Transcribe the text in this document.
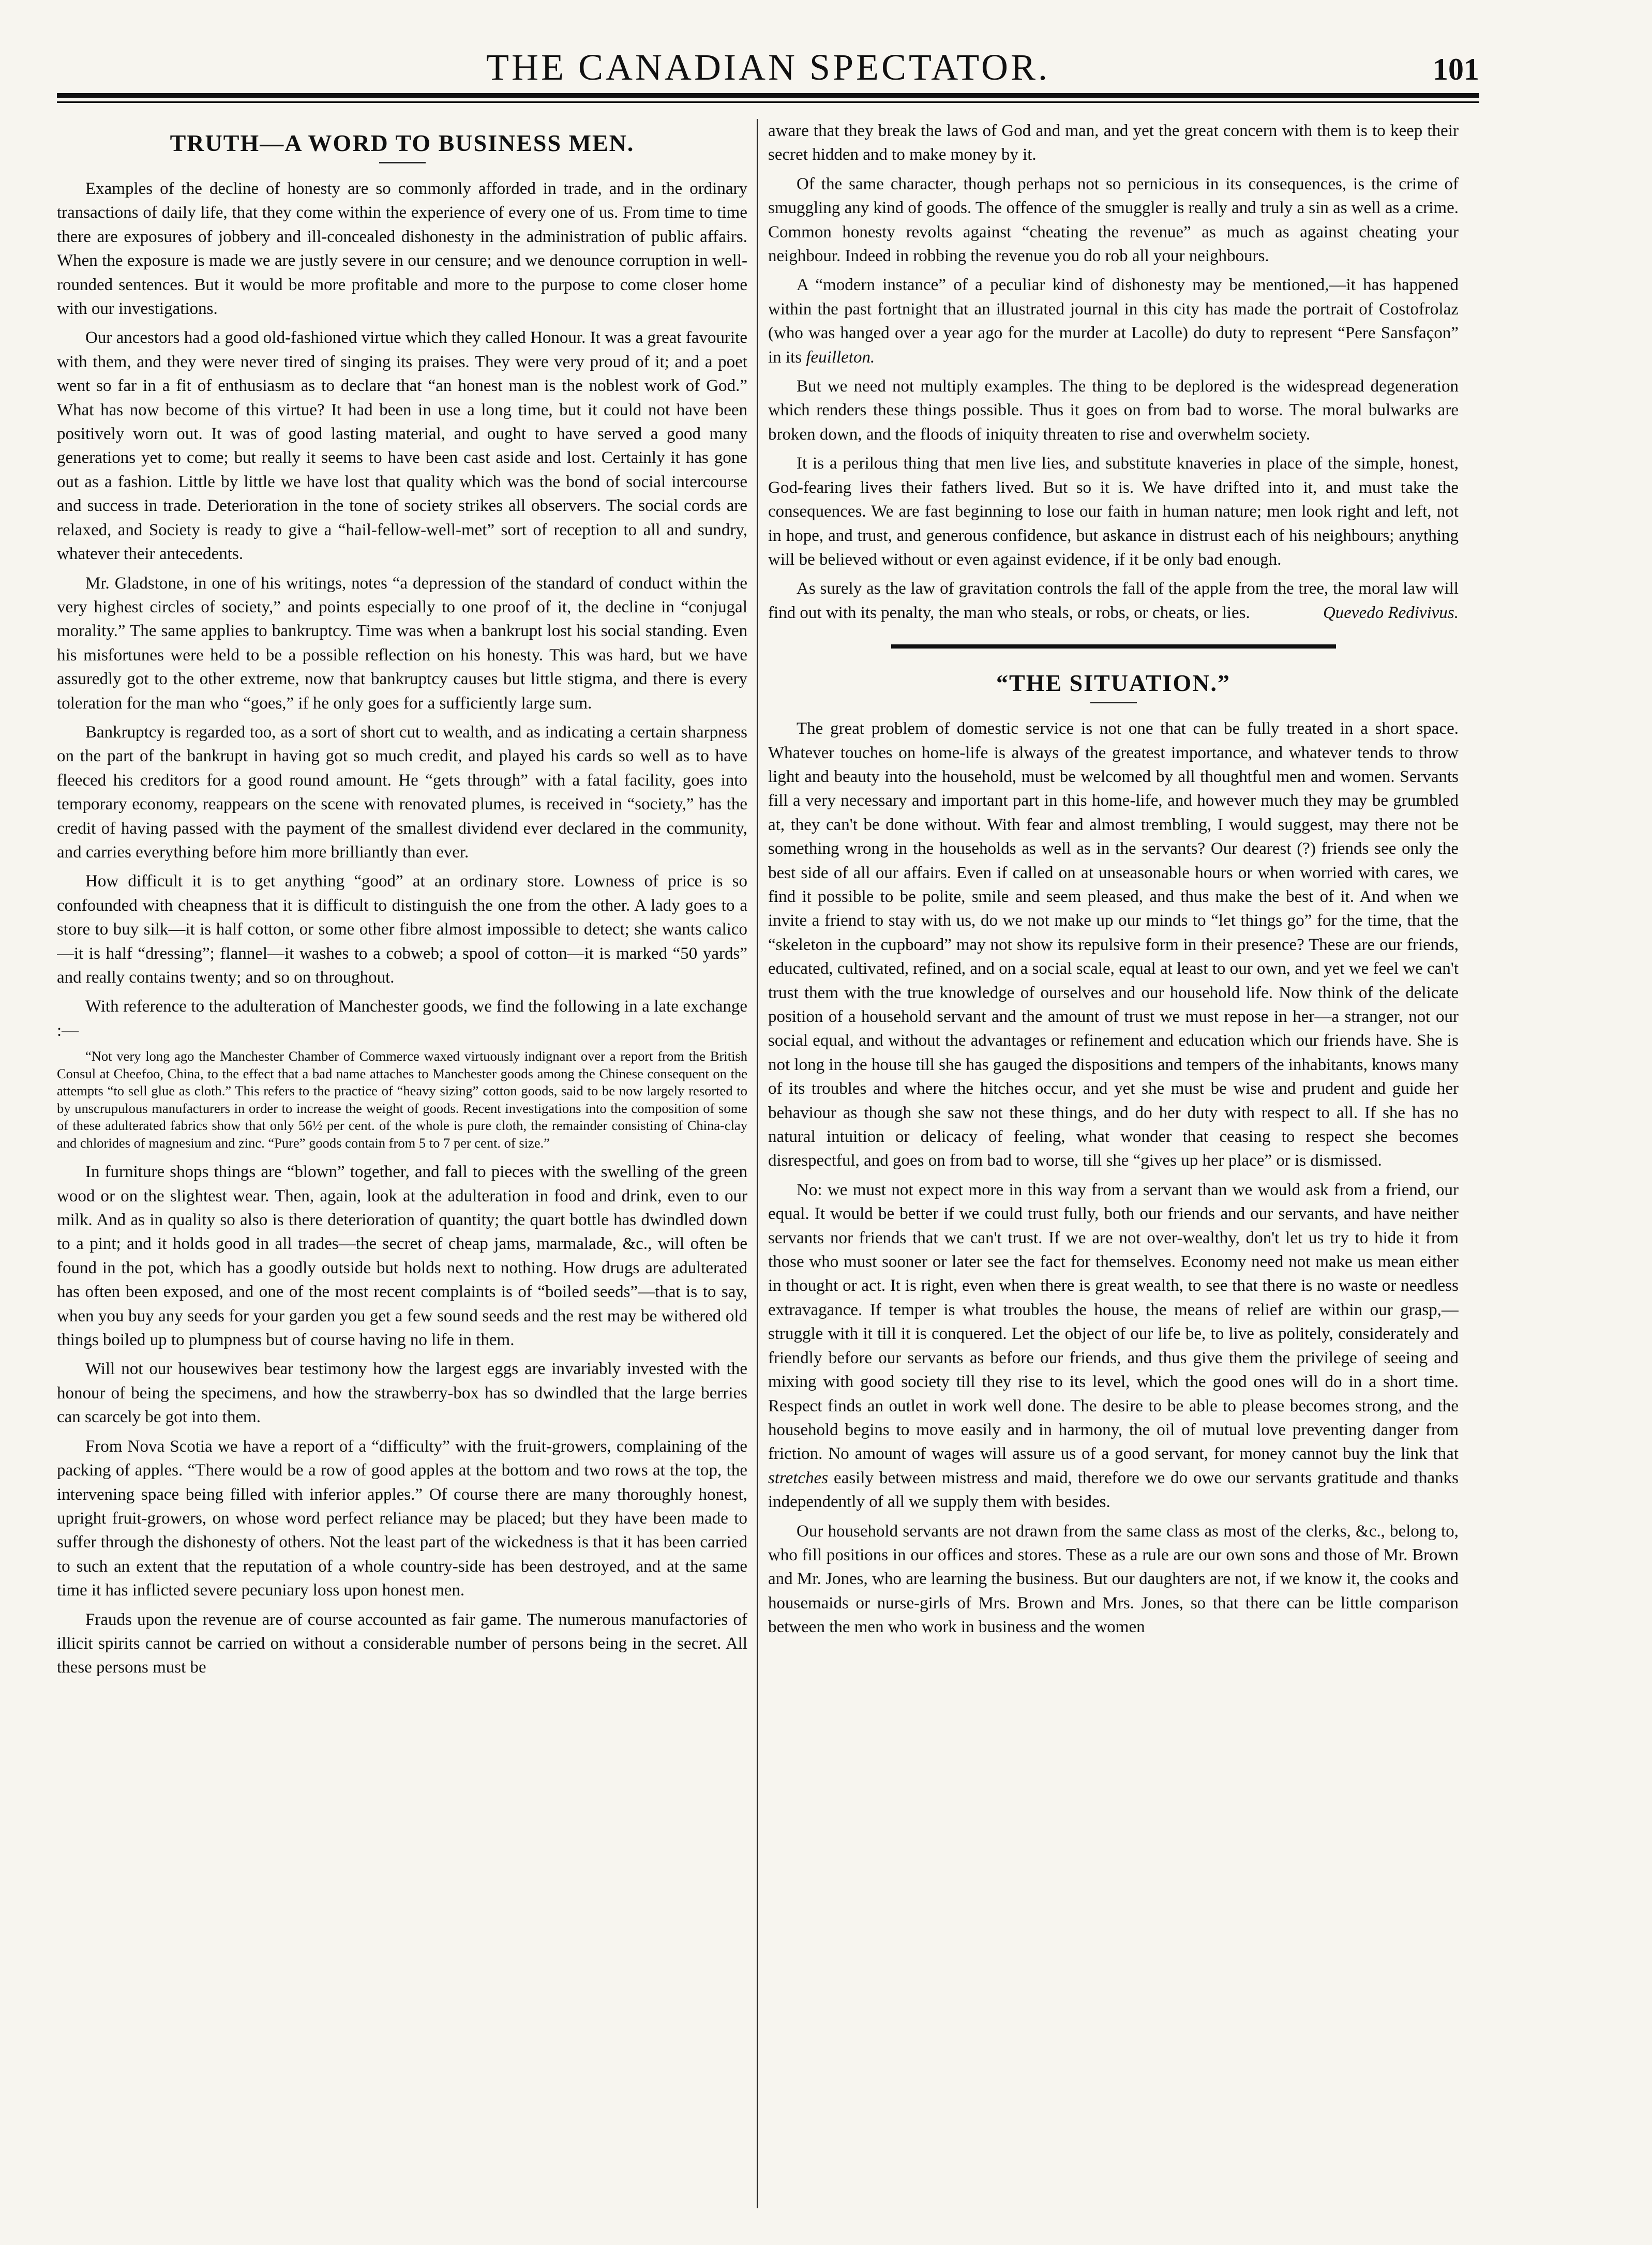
THE CANADIAN SPECTATOR.	101
TRUTH—A WORD TO BUSINESS MEN.

Examples of the decline of honesty are so commonly afforded in trade, and in the ordinary transactions of daily life, that they come within the experience of every one of us. From time to time there are exposures of jobbery and ill-concealed dishonesty in the administration of public affairs. When the exposure is made we are justly severe in our censure; and we denounce corruption in well-rounded sentences. But it would be more profitable and more to the purpose to come closer home with our investigations.

Our ancestors had a good old-fashioned virtue which they called Honour. It was a great favourite with them, and they were never tired of singing its praises. They were very proud of it; and a poet went so far in a fit of enthusiasm as to declare that “an honest man is the noblest work of God.” What has now become of this virtue? It had been in use a long time, but it could not have been positively worn out. It was of good lasting material, and ought to have served a good many generations yet to come; but really it seems to have been cast aside and lost. Certainly it has gone out as a fashion. Little by little we have lost that quality which was the bond of social intercourse and success in trade. Deterioration in the tone of society strikes all observers. The social cords are relaxed, and Society is ready to give a “hail-fellow-well-met” sort of reception to all and sundry, whatever their antecedents.

Mr. Gladstone, in one of his writings, notes “a depression of the standard of conduct within the very highest circles of society,” and points especially to one proof of it, the decline in “conjugal morality.” The same applies to bankruptcy. Time was when a bankrupt lost his social standing. Even his misfortunes were held to be a possible reflection on his honesty. This was hard, but we have assuredly got to the other extreme, now that bankruptcy causes but little stigma, and there is every toleration for the man who “goes,” if he only goes for a sufficiently large sum.

Bankruptcy is regarded too, as a sort of short cut to wealth, and as indicating a certain sharpness on the part of the bankrupt in having got so much credit, and played his cards so well as to have fleeced his creditors for a good round amount. He “gets through” with a fatal facility, goes into temporary economy, reappears on the scene with renovated plumes, is received in “society,” has the credit of having passed with the payment of the smallest dividend ever declared in the community, and carries everything before him more brilliantly than ever.

How difficult it is to get anything “good” at an ordinary store. Lowness of price is so confounded with cheapness that it is difficult to distinguish the one from the other. A lady goes to a store to buy silk—it is half cotton, or some other fibre almost impossible to detect; she wants calico—it is half “dressing”; flannel—it washes to a cobweb; a spool of cotton—it is marked “50 yards” and really contains twenty; and so on throughout.

With reference to the adulteration of Manchester goods, we find the following in a late exchange :—

“Not very long ago the Manchester Chamber of Commerce waxed virtuously indignant over a report from the British Consul at Cheefoo, China, to the effect that a bad name attaches to Manchester goods among the Chinese consequent on the attempts “to sell glue as cloth.” This refers to the practice of “heavy sizing” cotton goods, said to be now largely resorted to by unscrupulous manufacturers in order to increase the weight of goods. Recent investigations into the composition of some of these adulterated fabrics show that only 56½ per cent. of the whole is pure cloth, the remainder consisting of China-clay and chlorides of magnesium and zinc. “Pure” goods contain from 5 to 7 per cent. of size.”

In furniture shops things are “blown” together, and fall to pieces with the swelling of the green wood or on the slightest wear. Then, again, look at the adulteration in food and drink, even to our milk. And as in quality so also is there deterioration of quantity; the quart bottle has dwindled down to a pint; and it holds good in all trades—the secret of cheap jams, marmalade, &c., will often be found in the pot, which has a goodly outside but holds next to nothing. How drugs are adulterated has often been exposed, and one of the most recent complaints is of “boiled seeds”—that is to say, when you buy any seeds for your garden you get a few sound seeds and the rest may be withered old things boiled up to plumpness but of course having no life in them.

Will not our housewives bear testimony how the largest eggs are invariably invested with the honour of being the specimens, and how the strawberry-box has so dwindled that the large berries can scarcely be got into them.

From Nova Scotia we have a report of a “difficulty” with the fruit-growers, complaining of the packing of apples. “There would be a row of good apples at the bottom and two rows at the top, the intervening space being filled with inferior apples.” Of course there are many thoroughly honest, upright fruit-growers, on whose word perfect reliance may be placed; but they have been made to suffer through the dishonesty of others. Not the least part of the wickedness is that it has been carried to such an extent that the reputation of a whole country-side has been destroyed, and at the same time it has inflicted severe pecuniary loss upon honest men.

Frauds upon the revenue are of course accounted as fair game. The numerous manufactories of illicit spirits cannot be carried on without a considerable number of persons being in the secret. All these persons must be

aware that they break the laws of God and man, and yet the great concern with them is to keep their secret hidden and to make money by it.

Of the same character, though perhaps not so pernicious in its consequences, is the crime of smuggling any kind of goods. The offence of the smuggler is really and truly a sin as well as a crime. Common honesty revolts against “cheating the revenue” as much as against cheating your neighbour. Indeed in robbing the revenue you do rob all your neighbours.

A “modern instance” of a peculiar kind of dishonesty may be mentioned,—it has happened within the past fortnight that an illustrated journal in this city has made the portrait of Costofrolaz (who was hanged over a year ago for the murder at Lacolle) do duty to represent “Pere Sansfaçon” in its feuilleton.

But we need not multiply examples. The thing to be deplored is the widespread degeneration which renders these things possible. Thus it goes on from bad to worse. The moral bulwarks are broken down, and the floods of iniquity threaten to rise and overwhelm society.

It is a perilous thing that men live lies, and substitute knaveries in place of the simple, honest, God-fearing lives their fathers lived. But so it is. We have drifted into it, and must take the consequences. We are fast beginning to lose our faith in human nature; men look right and left, not in hope, and trust, and generous confidence, but askance in distrust each of his neighbours; anything will be believed without or even against evidence, if it be only bad enough.

As surely as the law of gravitation controls the fall of the apple from the tree, the moral law will find out with its penalty, the man who steals, or robs, or cheats, or lies.	Quevedo Redivivus.

“THE SITUATION.”

The great problem of domestic service is not one that can be fully treated in a short space. Whatever touches on home-life is always of the greatest importance, and whatever tends to throw light and beauty into the household, must be welcomed by all thoughtful men and women. Servants fill a very necessary and important part in this home-life, and however much they may be grumbled at, they can't be done without. With fear and almost trembling, I would suggest, may there not be something wrong in the households as well as in the servants? Our dearest (?) friends see only the best side of all our affairs. Even if called on at unseasonable hours or when worried with cares, we find it possible to be polite, smile and seem pleased, and thus make the best of it. And when we invite a friend to stay with us, do we not make up our minds to “let things go” for the time, that the “skeleton in the cupboard” may not show its repulsive form in their presence? These are our friends, educated, cultivated, refined, and on a social scale, equal at least to our own, and yet we feel we can't trust them with the true knowledge of ourselves and our household life. Now think of the delicate position of a household servant and the amount of trust we must repose in her—a stranger, not our social equal, and without the advantages or refinement and education which our friends have. She is not long in the house till she has gauged the dispositions and tempers of the inhabitants, knows many of its troubles and where the hitches occur, and yet she must be wise and prudent and guide her behaviour as though she saw not these things, and do her duty with respect to all. If she has no natural intuition or delicacy of feeling, what wonder that ceasing to respect she becomes disrespectful, and goes on from bad to worse, till she “gives up her place” or is dismissed.

No: we must not expect more in this way from a servant than we would ask from a friend, our equal. It would be better if we could trust fully, both our friends and our servants, and have neither servants nor friends that we can't trust. If we are not over-wealthy, don't let us try to hide it from those who must sooner or later see the fact for themselves. Economy need not make us mean either in thought or act. It is right, even when there is great wealth, to see that there is no waste or needless extravagance. If temper is what troubles the house, the means of relief are within our grasp,—struggle with it till it is conquered. Let the object of our life be, to live as politely, considerately and friendly before our servants as before our friends, and thus give them the privilege of seeing and mixing with good society till they rise to its level, which the good ones will do in a short time. Respect finds an outlet in work well done. The desire to be able to please becomes strong, and the household begins to move easily and in harmony, the oil of mutual love preventing danger from friction. No amount of wages will assure us of a good servant, for money cannot buy the link that stretches easily between mistress and maid, therefore we do owe our servants gratitude and thanks independently of all we supply them with besides.

Our household servants are not drawn from the same class as most of the clerks, &c., belong to, who fill positions in our offices and stores. These as a rule are our own sons and those of Mr. Brown and Mr. Jones, who are learning the business. But our daughters are not, if we know it, the cooks and housemaids or nurse-girls of Mrs. Brown and Mrs. Jones, so that there can be little comparison between the men who work in business and the women
